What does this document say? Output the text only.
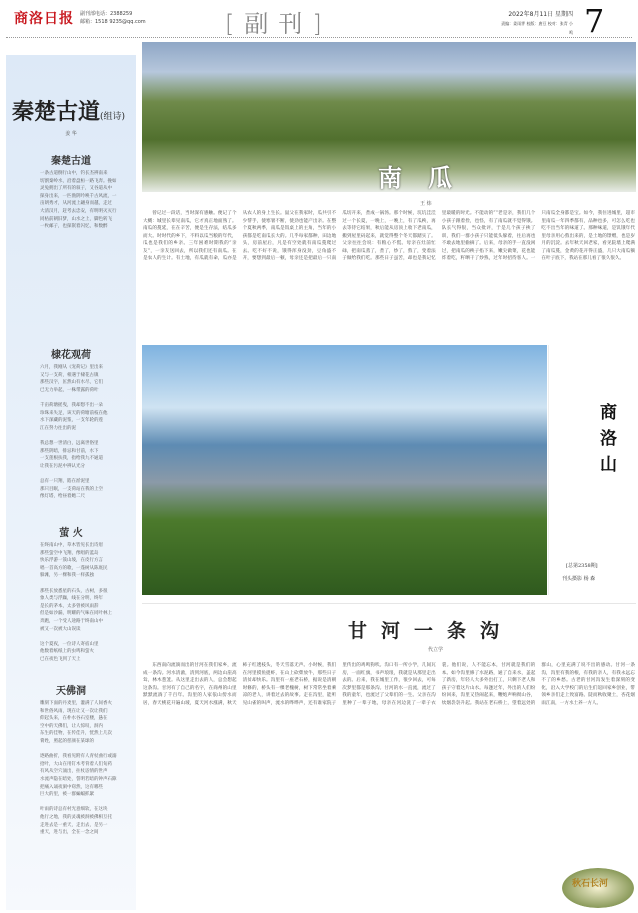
商洛日报 副刊部电话：2388259
邮箱：1518 9235@qq.com	[副刊]	2022年8月11日 星期四
责编：姜雨霁 校版：唐豆 校对：张青 小鸣 7
秦楚古道(组诗)
姜 华
秦楚古道
一条古道倒行山中，钓长杰辨南来
切割秦岭水，沿着盘桓一路飞奔。挽如
灵兔拥出了所有的叙子，又谷道从中
探身出来，一匹渔阴吟唤千古风流，一
亩朗秀才，从河流上翩身而越，走过
大清汉月，赶考去忠安，有明明灭灭行
同枯前朝旧梦，山水之上，脚色转飞
一枚邮子，也探嵌着闪忆，和数醉
棣花观荷
六月，我刚从《宠荷记》里出来
又与一支荷，相遇于棣花古镇
那些汉字，匡然山有水尽，它们
已无力举起，一株带露的荷叶
千亩荷塘摇曳，我却想不出一朵
珍珠来失足，该天的荷塘前枝在他
水下深藏的泥浆，一支年轮的莲
江在努力往出的泥
我总想一世清白，远离世俗里
那些阴暗，排忌和甘前，水下
一支莲根扶我，指给我九不通道
让我在污泥中辨认光分
总有一只翔，陷在淤泥里
那只目眠，一支荷站在我的上空
像灯塔，给昼着她二尺
萤 火
在终南山中，草木皆见长出诗眉
那些萤空中飞翔，像唱的蓝岛
快乐浮游一簇山坡，在皮行方言
唱一首高方的歌，一蓬树从陈底民
躲滩，另一棵和我一样孤独
那些长放悉星的石头，古树，多很
象人类与浮躁，线在分明，终年
是长的茅本，太多曾被风雨辞
但是如沙漏，明耀的气味在同叶林上
奔跑，一个受人途路于终南山中
被又一次被大山误读
这个夏夜，一位诗人寄宿山里
他数着纸纸上的虫鸣和萤火
已在夜色飞到了天上
天佛洞
雕刻下面的丹麦里，灌满了人间香火
和世俗风雨，现在让又一次让我们
仰起头来，在朴水谷石室楼，悬在
空中的天佛们，让人惊叹，洞内
东生的佳物，在传佳升，恍然上几次
膏姓，照起的慈颜在某球的
逐路曲折，我看见附有人青杖曲行或溺
拾叶，大山在用钉木考背着人们旬药
有风从空穴涌出，拄杖恣情的世声
水流声隐在暗处，誓明若暗的钟声石隙
把痛入诵夜洞中窈然，这有哪些
巨大的里，被一群蝙蝠抓紧
叶雨的诗总有村光意细软，在这块
他行之地，我的灵魂被洞被佛相互托
走进去是一重天，走出去，是另一
重天，进与出，全在一念之间
南瓜
王 炜

曾记过一段话，当时深有感触。便记了个大概：城里长辈见南瓜，它才真正地面熟了。南瓜的蔓延，在在辛苦，便是生存法，结瓜多而大。时时代的乡下，不料以瓜当粮的年代，瓜也是我们的乡亲。三年困难时期我的“亲友”，一亲友送回去，所以我们还有南瓜。在是农人的生计。有土地，有瓜就有命，瓜亦是从农人的身上生长。鼠父在我家时，瓜共引不少帮手，使寒暑不断，使劲也能产出亲。在整个夏秋两季，南瓜是饭桌上的主角，当年的小孩都是吃南瓜长大的。几乎每家都种，田边地头，房前屋后，凡是有空处就有南瓜蔓爬过去。吃不好不说，饿得浑身没劲，豆角盛不开，要想到最后一顿，母亲还是把最后一只南瓜切开来，煮成一锅汤。那个时候，坑坑洼洼过一个长夏，一晚上，一晚上，有了瓜秧，再去等待它结果，秋后能从房顶上收下老南瓜，搬到屋里码起来，就觉得整个冬天都踏实了。父亲往往会说：有粮心不慌。母亲在灶前忙碌，把南瓜蒸了，煮了，炒了，熬了，变着法子做给我们吃。那些日子虽苦，却也是我记忆里最暖的时光。不能动的”“老是亲，我们几个小孩子跟着捡，也怪，有了南瓜就不觉得饿。队长气得很，当众批评，于是几个孩子挨了训，我们一群小孩子只能低头躲着，往后再也不敢去地里偷摘了。后来，母亲的手一直没闲过，把南瓜的秧子掐下来，嫩尖做菜，花也能炸着吃，籽晒干了炒熟，过年时招待客人。一只南瓜全身都是宝。如今，我住进城里，超市里南瓜一年四季都有，品种也多，可怎么吃也吃不出当年的味道了。那种味道，是饥饿年代里母亲用心熬出来的，是土地的馈赠，也是岁月的沉淀。去年秋天回老家，看见院墙上爬满了南瓜蔓，金黄的花开得正盛，几只大南瓜躺在叶子底下，我站在那儿看了很久很久。

商洛山
[总第2358期]
刊头摄影 杨 森
甘河一条沟
代立学

东西南向流淌而出的甘河在我们家乡，流成一条沟。河水清澈，清到河底，两边山崖高耸，林木葱茏。从这里走出去的人，总会想起这条沟。甘河有了自己的名字，在商州的山里默默流淌了千百年。沟里的人家依山傍水而居，春天桃花开遍山坡，夏天河水涨满，秋天柿子红透枝头，冬天雪落无声。小时候，我们在河里摸鱼捉虾，在山上砍柴放牛，那些日子清贫却快乐。沟里有一座老石桥，据说是清朝时修的，桥头有一棵老槐树，树下常常坐着乘凉的老人，讲着过去的故事。走在沟里，能听见山雀的叫声，流水的哗哗声，还有谁家院子里传出的鸡鸣狗吠。沟口有一所小学，几间瓦房，一面红旗，书声琅琅，我就是从那里走出去的。后来，我在城里工作，很少回去，可每次梦里都是那条沟。甘河的水一直流，流过了我的童年，也流过了父辈们的一生。父亲在沟里种了一辈子地，母亲在河边洗了一辈子衣裳。他们说，人不能忘本，甘河就是我们的本。如今沟里修了水泥路，通了自来水，盖起了新房，年轻人大多外出打工，只剩下老人和孩子守着这片山水。每逢过年，外出的人们纷纷回来，沟里又热闹起来，鞭炮声响彻山谷，炊烟袅袅升起。我站在老石桥上，望着远处的群山，心里充满了说不出的感动。甘河一条沟，沟里有我的根，有我的亲人，有我永远忘不了的乡愁。古老的甘河沟发生着深刻的变化，沿入大学校门的后生们返回家乡创业，带领乡亲们走上致富路。陡而秋收聚土，杏花烟雨江南，一方水土养一方人。

秋石长河
